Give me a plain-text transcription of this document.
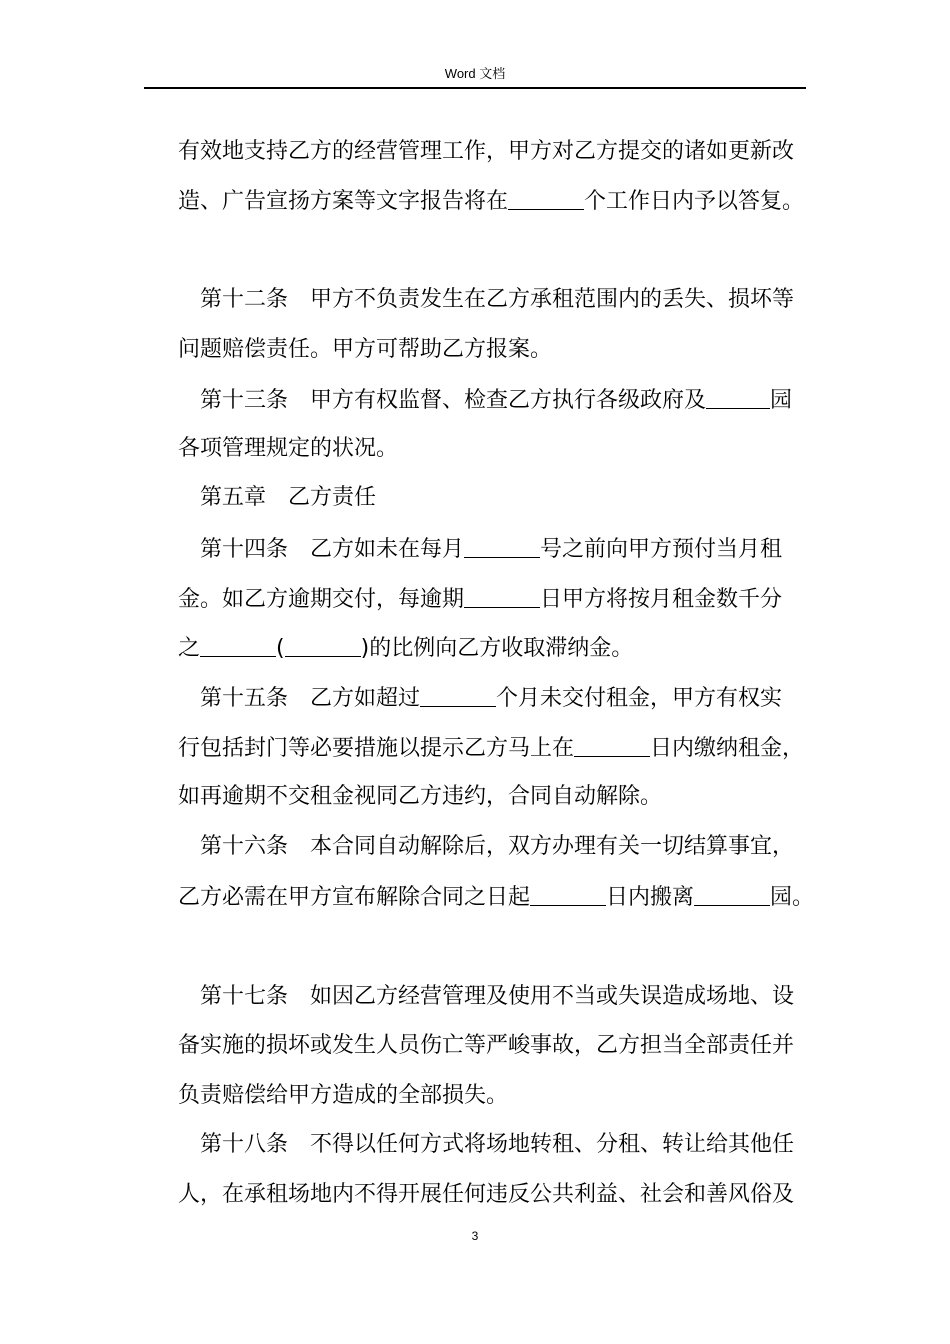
Word 文档
有效地支持乙方的经营管理工作，甲方对乙方提交的诸如更新改
造、广告宣扬方案等文字报告将在	个工作日内予以答复。
第十二条 甲方不负责发生在乙方承租范围内的丢失、损坏等
问题赔偿责任。甲方可帮助乙方报案。
第十三条 甲方有权监督、检查乙方执行各级政府及	园
各项管理规定的状况。
第五章 乙方责任
第十四条 乙方如未在每月	号之前向甲方预付当月租
金。如乙方逾期交付，每逾期	日甲方将按月租金数千分
之	(	)的比例向乙方收取滞纳金。
第十五条 乙方如超过	个月未交付租金，甲方有权实
行包括封门等必要措施以提示乙方马上在	日内缴纳租金，
如再逾期不交租金视同乙方违约，合同自动解除。
第十六条 本合同自动解除后，双方办理有关一切结算事宜，
乙方必需在甲方宣布解除合同之日起	日内搬离	园。
第十七条 如因乙方经营管理及使用不当或失误造成场地、设
备实施的损坏或发生人员伤亡等严峻事故，乙方担当全部责任并
负责赔偿给甲方造成的全部损失。
第十八条 不得以任何方式将场地转租、分租、转让给其他任
人，在承租场地内不得开展任何违反公共利益、社会和善风俗及
3
